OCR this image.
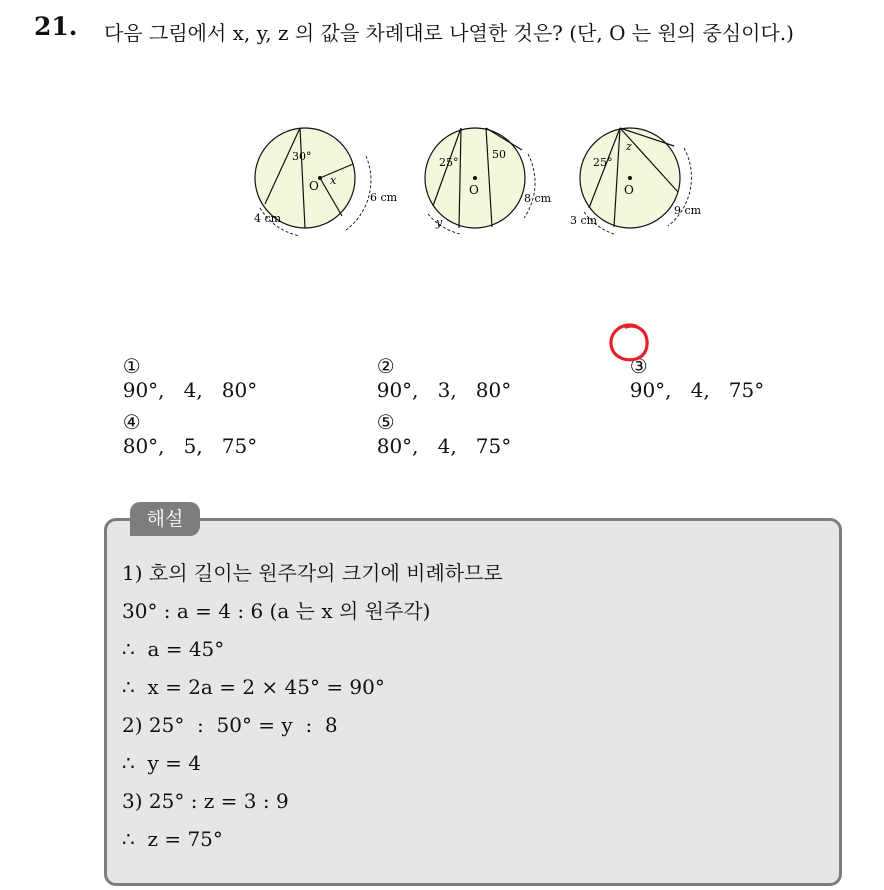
21. 다음 그림에서 x, y, z 의 값을 차례대로 나열한 것은? (단, O 는 원의 중심이다.)
30°
O x
4 cm
6 cm
25°
50
O
y
8 cm
25°
z
O
3 cm
9 cm

①
90°,   4,   80°

②
90°,   3,   80°

③
90°,   4,   75°

④
80°,   5,   75°

⑤
80°,   4,   75°

해설
1) 호의 길이는 원주각의 크기에 비례하므로
30° : a = 4 : 6 (a 는 x 의 원주각)
∴  a = 45°
∴  x = 2a = 2 × 45° = 90°
2) 25°  :  50° = y  :  8
∴  y = 4
3) 25° : z = 3 : 9
∴  z = 75°
